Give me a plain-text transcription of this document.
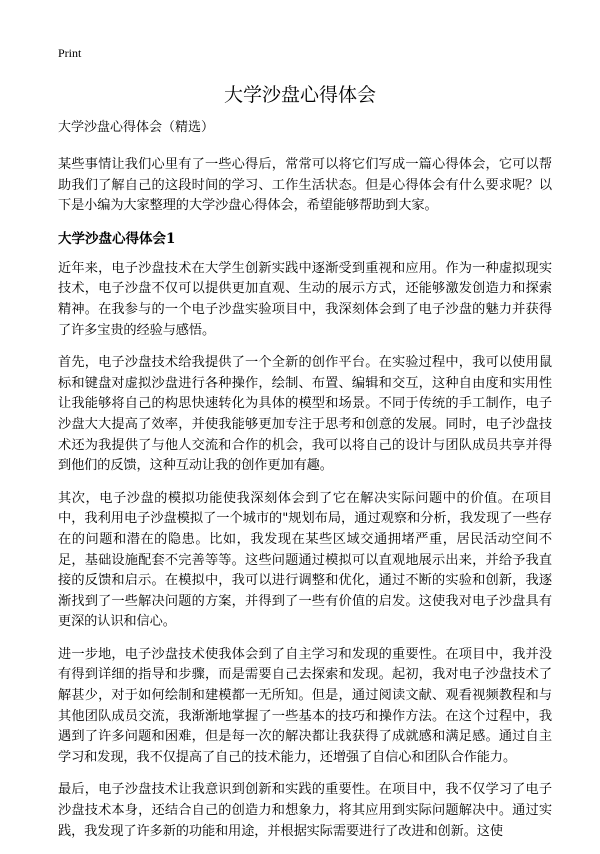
Print
大学沙盘心得体会

大学沙盘心得体会（精选）

某些事情让我们心里有了一些心得后，常常可以将它们写成一篇心得体会，它可以帮助我们了解自己的这段时间的学习、工作生活状态。但是心得体会有什么要求呢？以下是小编为大家整理的大学沙盘心得体会，希望能够帮助到大家。

大学沙盘心得体会1

近年来，电子沙盘技术在大学生创新实践中逐渐受到重视和应用。作为一种虚拟现实技术，电子沙盘不仅可以提供更加直观、生动的展示方式，还能够激发创造力和探索精神。在我参与的一个电子沙盘实验项目中，我深刻体会到了电子沙盘的魅力并获得了许多宝贵的经验与感悟。

首先，电子沙盘技术给我提供了一个全新的创作平台。在实验过程中，我可以使用鼠标和键盘对虚拟沙盘进行各种操作，绘制、布置、编辑和交互，这种自由度和实用性让我能够将自己的构思快速转化为具体的模型和场景。不同于传统的手工制作，电子沙盘大大提高了效率，并使我能够更加专注于思考和创意的发展。同时，电子沙盘技术还为我提供了与他人交流和合作的机会，我可以将自己的设计与团队成员共享并得到他们的反馈，这种互动让我的创作更加有趣。

其次，电子沙盘的模拟功能使我深刻体会到了它在解决实际问题中的价值。在项目中，我利用电子沙盘模拟了一个城市的"规划布局，通过观察和分析，我发现了一些存在的问题和潜在的隐患。比如，我发现在某些区域交通拥堵严重，居民活动空间不足，基础设施配套不完善等等。这些问题通过模拟可以直观地展示出来，并给予我直接的反馈和启示。在模拟中，我可以进行调整和优化，通过不断的实验和创新，我逐渐找到了一些解决问题的方案，并得到了一些有价值的启发。这使我对电子沙盘具有更深的认识和信心。

进一步地，电子沙盘技术使我体会到了自主学习和发现的重要性。在项目中，我并没有得到详细的指导和步骤，而是需要自己去探索和发现。起初，我对电子沙盘技术了解甚少，对于如何绘制和建模都一无所知。但是，通过阅读文献、观看视频教程和与其他团队成员交流，我渐渐地掌握了一些基本的技巧和操作方法。在这个过程中，我遇到了许多问题和困难，但是每一次的解决都让我获得了成就感和满足感。通过自主学习和发现，我不仅提高了自己的技术能力，还增强了自信心和团队合作能力。

最后，电子沙盘技术让我意识到创新和实践的重要性。在项目中，我不仅学习了电子沙盘技术本身，还结合自己的创造力和想象力，将其应用到实际问题解决中。通过实践，我发现了许多新的功能和用途，并根据实际需要进行了改进和创新。这使
